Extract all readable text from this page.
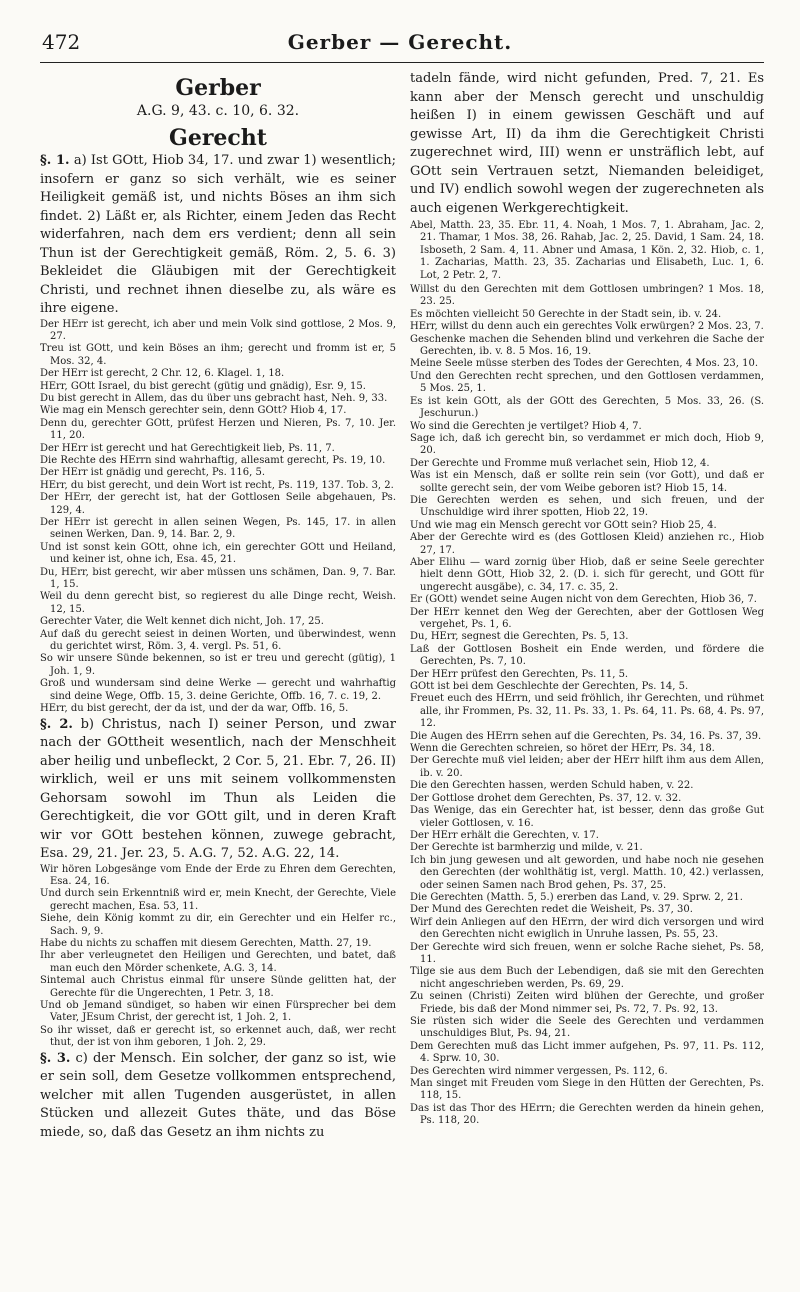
472	Gerber — Gerecht.
Gerber
A.G. 9, 43. c. 10, 6. 32.
Gerecht

§. 1. a) Ist GOtt, Hiob 34, 17. und zwar 1) wesentlich; insofern er ganz so sich verhält, wie es seiner Heiligkeit gemäß ist, und nichts Böses an ihm sich findet. 2) Läßt er, als Richter, einem Jeden das Recht widerfahren, nach dem ers verdient; denn all sein Thun ist der Gerechtigkeit gemäß, Röm. 2, 5. 6. 3) Bekleidet die Gläubigen mit der Gerechtigkeit Christi, und rechnet ihnen dieselbe zu, als wäre es ihre eigene.

Der HErr ist gerecht, ich aber und mein Volk sind gottlose, 2 Mos. 9, 27.
Treu ist GOtt, und kein Böses an ihm; gerecht und fromm ist er, 5 Mos. 32, 4.
Der HErr ist gerecht, 2 Chr. 12, 6. Klagel. 1, 18.
HErr, GOtt Israel, du bist gerecht (gütig und gnädig), Esr. 9, 15.
Du bist gerecht in Allem, das du über uns gebracht hast, Neh. 9, 33.
Wie mag ein Mensch gerechter sein, denn GOtt? Hiob 4, 17.
Denn du, gerechter GOtt, prüfest Herzen und Nieren, Ps. 7, 10. Jer. 11, 20.
Der HErr ist gerecht und hat Gerechtigkeit lieb, Ps. 11, 7.
Die Rechte des HErrn sind wahrhaftig, allesamt gerecht, Ps. 19, 10.
Der HErr ist gnädig und gerecht, Ps. 116, 5.
HErr, du bist gerecht, und dein Wort ist recht, Ps. 119, 137. Tob. 3, 2.
Der HErr, der gerecht ist, hat der Gottlosen Seile abgehauen, Ps. 129, 4.
Der HErr ist gerecht in allen seinen Wegen, Ps. 145, 17. in allen seinen Werken, Dan. 9, 14. Bar. 2, 9.
Und ist sonst kein GOtt, ohne ich, ein gerechter GOtt und Heiland, und keiner ist, ohne ich, Esa. 45, 21.
Du, HErr, bist gerecht, wir aber müssen uns schämen, Dan. 9, 7. Bar. 1, 15.
Weil du denn gerecht bist, so regierest du alle Dinge recht, Weish. 12, 15.
Gerechter Vater, die Welt kennet dich nicht, Joh. 17, 25.
Auf daß du gerecht seiest in deinen Worten, und überwindest, wenn du gerichtet wirst, Röm. 3, 4. vergl. Ps. 51, 6.
So wir unsere Sünde bekennen, so ist er treu und gerecht (gütig), 1 Joh. 1, 9.
Groß und wundersam sind deine Werke — gerecht und wahrhaftig sind deine Wege, Offb. 15, 3. deine Gerichte, Offb. 16, 7. c. 19, 2.
HErr, du bist gerecht, der da ist, und der da war, Offb. 16, 5.

§. 2. b) Christus, nach I) seiner Person, und zwar nach der GOttheit wesentlich, nach der Menschheit aber heilig und unbefleckt, 2 Cor. 5, 21. Ebr. 7, 26. II) wirklich, weil er uns mit seinem vollkommensten Gehorsam sowohl im Thun als Leiden die Gerechtigkeit, die vor GOtt gilt, und in deren Kraft wir vor GOtt bestehen können, zuwege gebracht, Esa. 29, 21. Jer. 23, 5. A.G. 7, 52. A.G. 22, 14.

Wir hören Lobgesänge vom Ende der Erde zu Ehren dem Gerechten, Esa. 24, 16.
Und durch sein Erkenntniß wird er, mein Knecht, der Gerechte, Viele gerecht machen, Esa. 53, 11.
Siehe, dein König kommt zu dir, ein Gerechter und ein Helfer rc., Sach. 9, 9.
Habe du nichts zu schaffen mit diesem Gerechten, Matth. 27, 19.
Ihr aber verleugnetet den Heiligen und Gerechten, und batet, daß man euch den Mörder schenkete, A.G. 3, 14.
Sintemal auch Christus einmal für unsere Sünde gelitten hat, der Gerechte für die Ungerechten, 1 Petr. 3, 18.
Und ob Jemand sündiget, so haben wir einen Fürsprecher bei dem Vater, JEsum Christ, der gerecht ist, 1 Joh. 2, 1.
So ihr wisset, daß er gerecht ist, so erkennet auch, daß, wer recht thut, der ist von ihm geboren, 1 Joh. 2, 29.

§. 3. c) der Mensch. Ein solcher, der ganz so ist, wie er sein soll, dem Gesetze vollkommen entsprechend, welcher mit allen Tugenden ausgerüstet, in allen Stücken und allezeit Gutes thäte, und das Böse miede, so, daß das Gesetz an ihm nichts zu

tadeln fände, wird nicht gefunden, Pred. 7, 21. Es kann aber der Mensch gerecht und unschuldig heißen I) in einem gewissen Geschäft und auf gewisse Art, II) da ihm die Gerechtigkeit Christi zugerechnet wird, III) wenn er unsträflich lebt, auf GOtt sein Vertrauen setzt, Niemanden beleidiget, und IV) endlich sowohl wegen der zugerechneten als auch eigenen Werkgerechtigkeit.

Abel, Matth. 23, 35. Ebr. 11, 4. Noah, 1 Mos. 7, 1. Abraham, Jac. 2, 21. Thamar, 1 Mos. 38, 26. Rahab, Jac. 2, 25. David, 1 Sam. 24, 18. Isboseth, 2 Sam. 4, 11. Abner und Amasa, 1 Kön. 2, 32. Hiob, c. 1, 1. Zacharias, Matth. 23, 35. Zacharias und Elisabeth, Luc. 1, 6. Lot, 2 Petr. 2, 7.
Willst du den Gerechten mit dem Gottlosen umbringen? 1 Mos. 18, 23. 25.
Es möchten vielleicht 50 Gerechte in der Stadt sein, ib. v. 24.
HErr, willst du denn auch ein gerechtes Volk erwürgen? 2 Mos. 23, 7.
Geschenke machen die Sehenden blind und verkehren die Sache der Gerechten, ib. v. 8. 5 Mos. 16, 19.
Meine Seele müsse sterben des Todes der Gerechten, 4 Mos. 23, 10.
Und den Gerechten recht sprechen, und den Gottlosen verdammen, 5 Mos. 25, 1.
Es ist kein GOtt, als der GOtt des Gerechten, 5 Mos. 33, 26. (S. Jeschurun.)
Wo sind die Gerechten je vertilget? Hiob 4, 7.
Sage ich, daß ich gerecht bin, so verdammet er mich doch, Hiob 9, 20.
Der Gerechte und Fromme muß verlachet sein, Hiob 12, 4.
Was ist ein Mensch, daß er sollte rein sein (vor Gott), und daß er sollte gerecht sein, der vom Weibe geboren ist? Hiob 15, 14.
Die Gerechten werden es sehen, und sich freuen, und der Unschuldige wird ihrer spotten, Hiob 22, 19.
Und wie mag ein Mensch gerecht vor GOtt sein? Hiob 25, 4.
Aber der Gerechte wird es (des Gottlosen Kleid) anziehen rc., Hiob 27, 17.
Aber Elihu — ward zornig über Hiob, daß er seine Seele gerechter hielt denn GOtt, Hiob 32, 2. (D. i. sich für gerecht, und GOtt für ungerecht ausgäbe), c. 34, 17. c. 35, 2.
Er (GOtt) wendet seine Augen nicht von dem Gerechten, Hiob 36, 7.
Der HErr kennet den Weg der Gerechten, aber der Gottlosen Weg vergehet, Ps. 1, 6.
Du, HErr, segnest die Gerechten, Ps. 5, 13.
Laß der Gottlosen Bosheit ein Ende werden, und fördere die Gerechten, Ps. 7, 10.
Der HErr prüfest den Gerechten, Ps. 11, 5.
GOtt ist bei dem Geschlechte der Gerechten, Ps. 14, 5.
Freuet euch des HErrn, und seid fröhlich, ihr Gerechten, und rühmet alle, ihr Frommen, Ps. 32, 11. Ps. 33, 1. Ps. 64, 11. Ps. 68, 4. Ps. 97, 12.
Die Augen des HErrn sehen auf die Gerechten, Ps. 34, 16. Ps. 37, 39.
Wenn die Gerechten schreien, so höret der HErr, Ps. 34, 18.
Der Gerechte muß viel leiden; aber der HErr hilft ihm aus dem Allen, ib. v. 20.
Die den Gerechten hassen, werden Schuld haben, v. 22.
Der Gottlose drohet dem Gerechten, Ps. 37, 12. v. 32.
Das Wenige, das ein Gerechter hat, ist besser, denn das große Gut vieler Gottlosen, v. 16.
Der HErr erhält die Gerechten, v. 17.
Der Gerechte ist barmherzig und milde, v. 21.
Ich bin jung gewesen und alt geworden, und habe noch nie gesehen den Gerechten (der wohlthätig ist, vergl. Matth. 10, 42.) verlassen, oder seinen Samen nach Brod gehen, Ps. 37, 25.
Die Gerechten (Matth. 5, 5.) ererben das Land, v. 29. Sprw. 2, 21.
Der Mund des Gerechten redet die Weisheit, Ps. 37, 30.
Wirf dein Anliegen auf den HErrn, der wird dich versorgen und wird den Gerechten nicht ewiglich in Unruhe lassen, Ps. 55, 23.
Der Gerechte wird sich freuen, wenn er solche Rache siehet, Ps. 58, 11.
Tilge sie aus dem Buch der Lebendigen, daß sie mit den Gerechten nicht angeschrieben werden, Ps. 69, 29.
Zu seinen (Christi) Zeiten wird blühen der Gerechte, und großer Friede, bis daß der Mond nimmer sei, Ps. 72, 7. Ps. 92, 13.
Sie rüsten sich wider die Seele des Gerechten und verdammen unschuldiges Blut, Ps. 94, 21.
Dem Gerechten muß das Licht immer aufgehen, Ps. 97, 11. Ps. 112, 4. Sprw. 10, 30.
Des Gerechten wird nimmer vergessen, Ps. 112, 6.
Man singet mit Freuden vom Siege in den Hütten der Gerechten, Ps. 118, 15.
Das ist das Thor des HErrn; die Gerechten werden da hinein gehen, Ps. 118, 20.
